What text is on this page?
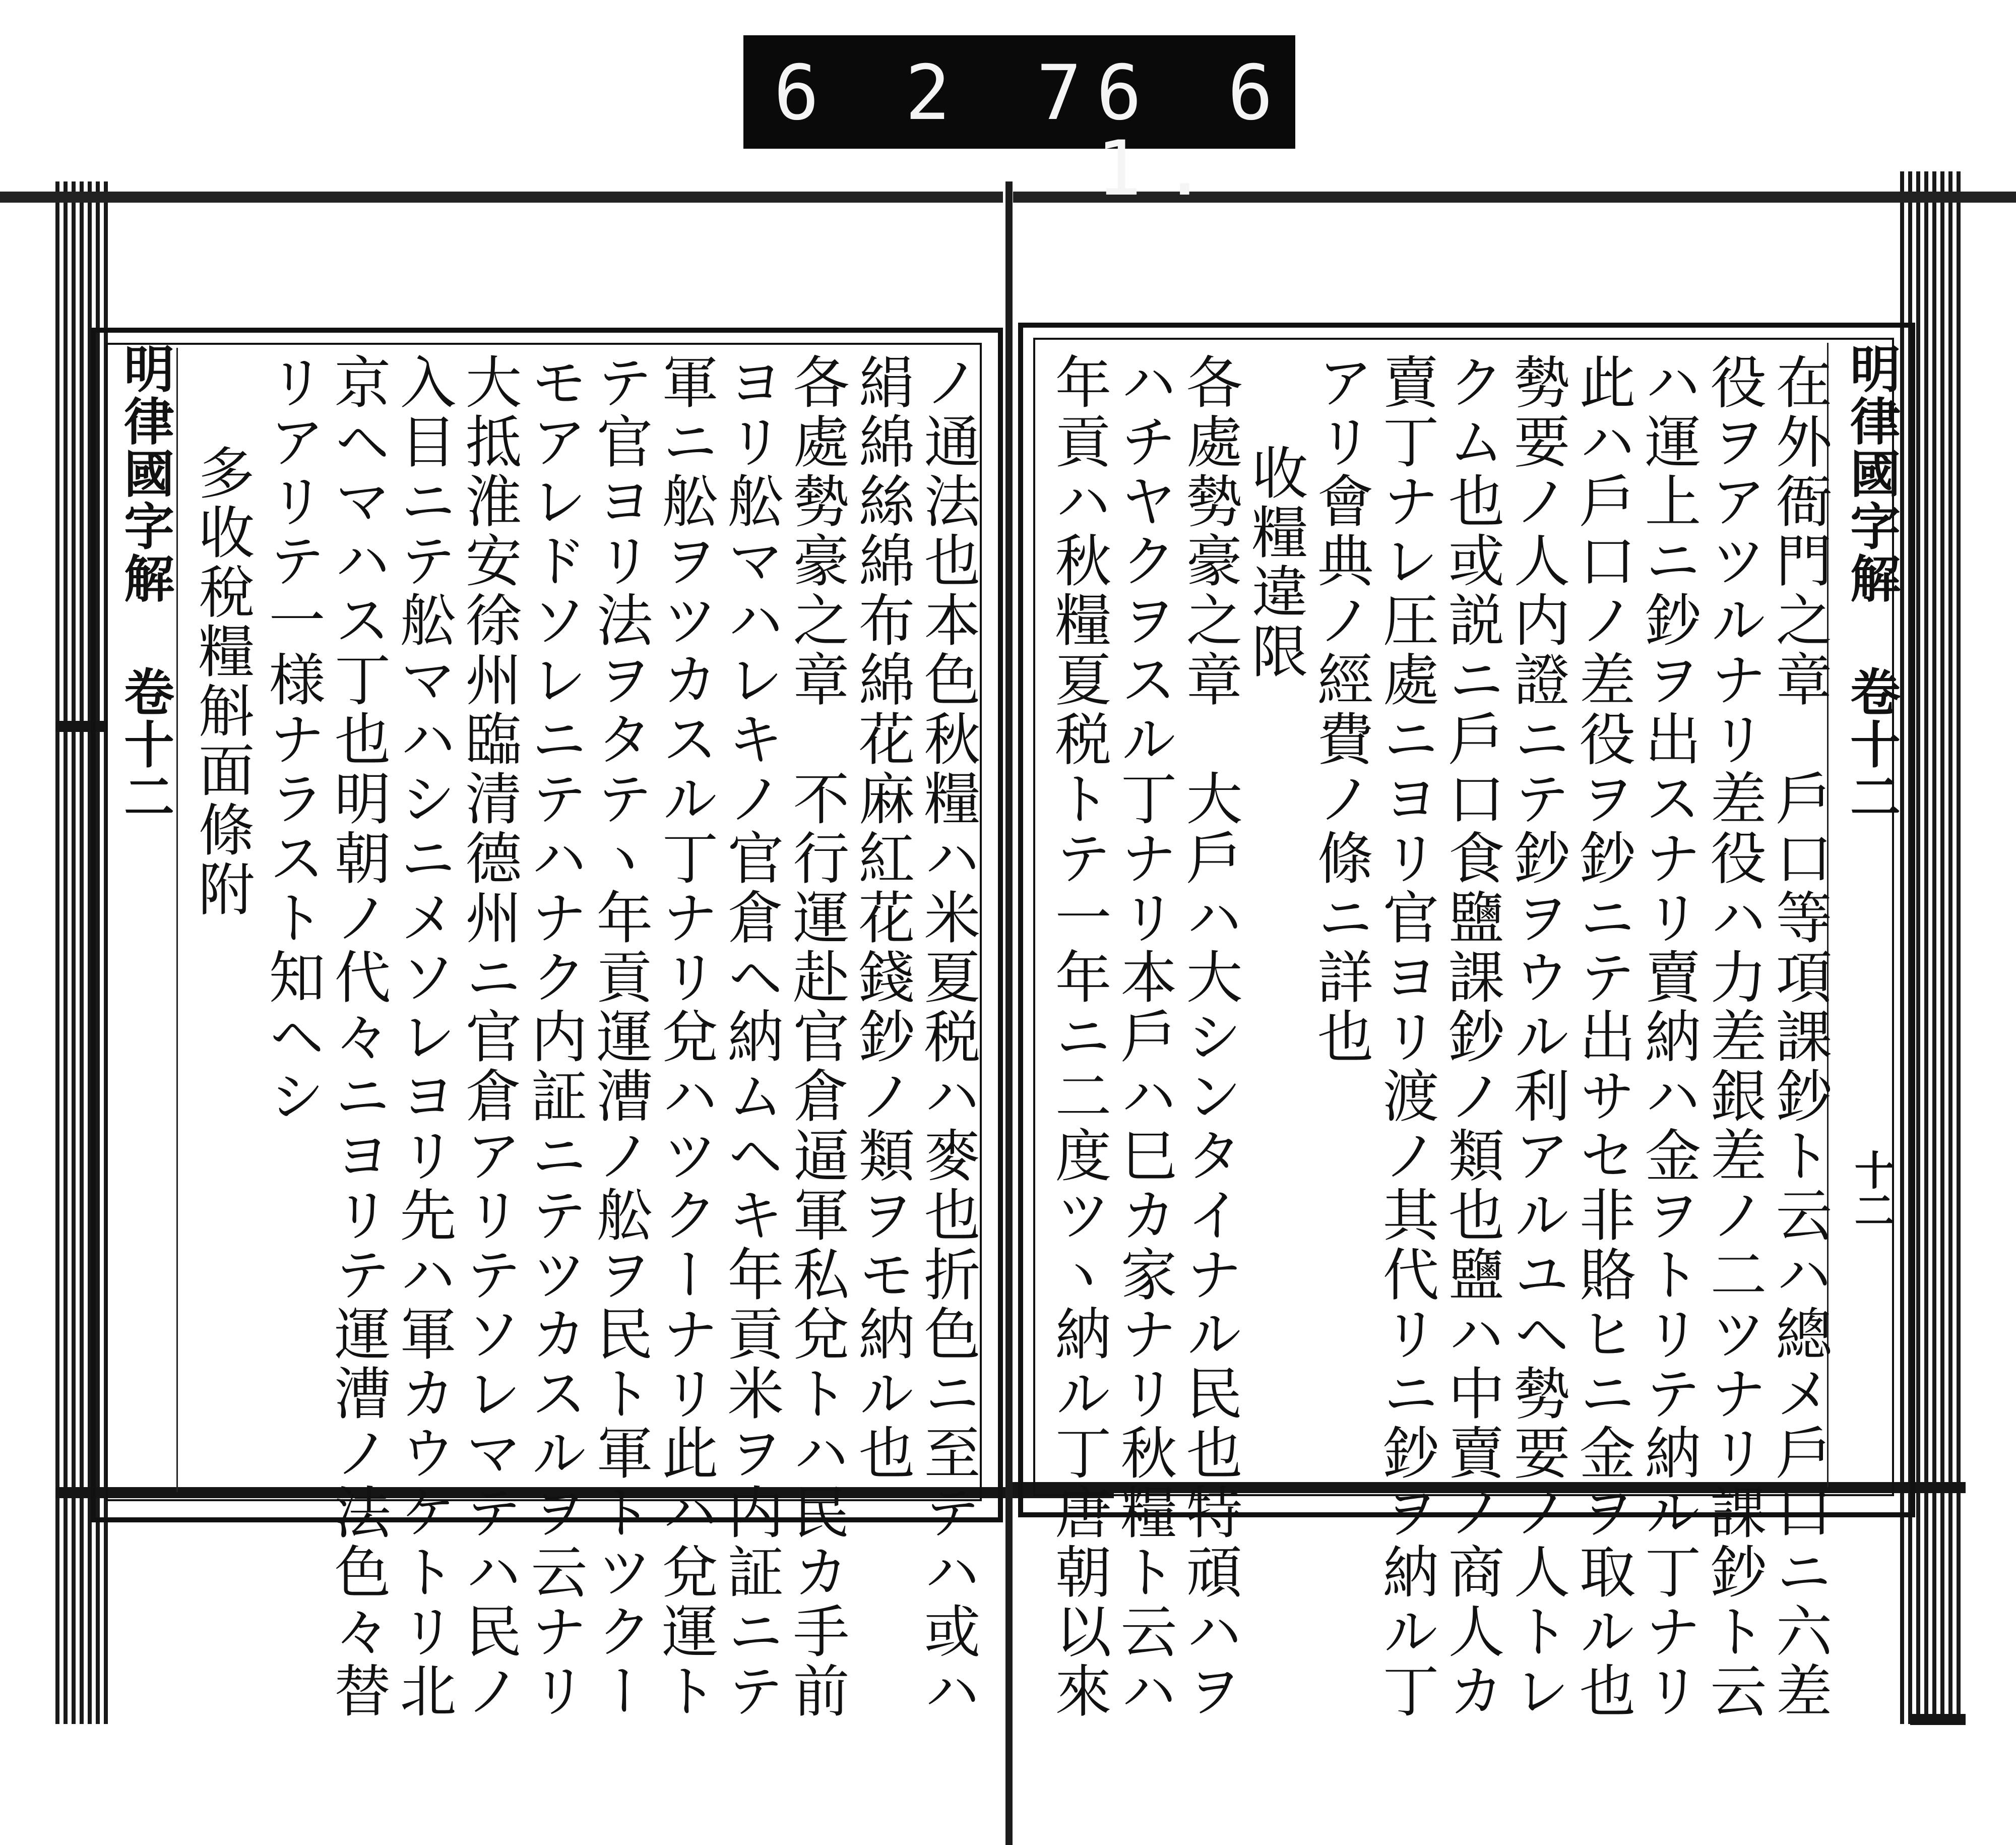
6 2 7
6 6 1.
明律國字解 卷十二	ノ通法也本色秋糧ハ米夏税ハ麥也折色ニ至テハ或ハ
絹綿絲綿布綿花麻紅花錢鈔ノ類ヲモ納ル也
各處勢豪之章　不行運赴官倉逼軍私兌トハ民カ手前
ヨリ舩マハレキノ官倉ヘ納ムヘキ年貢米ヲ内証ニテ
軍ニ舩ヲツカスル丁ナリ兌ハツクーナリ此ハ兌運ト
テ官ヨリ法ヲタテヽ年貢運漕ノ舩ヲ民ト軍トツクー
モアレドソレニテハナク内証ニテツカスルヲ云ナリ
大抵淮安徐州臨清德州ニ官倉アリテソレマテハ民ノ
入目ニテ舩マハシニメソレヨリ先ハ軍カウケトリ北
京ヘマハス丁也明朝ノ代々ニヨリテ運漕ノ法色々替
リアリテ一様ナラスト知ヘシ
多收稅糧斛面條附	明律國字解 卷十二
十二
在外衙門之章　戶口等項課鈔ト云ハ總メ戶口ニ六差
役ヲアツルナリ差役ハ力差銀差ノ二ツナリ課鈔ト云
ハ運上ニ鈔ヲ出スナリ賣納ハ金ヲトリテ納ル丁ナリ
此ハ戶口ノ差役ヲ鈔ニテ出サセ非賂ヒニ金ヲ取ル也
勢要ノ人内證ニテ鈔ヲウル利アルユヘ勢要ノ人トレ
クム也或説ニ戶口食鹽課鈔ノ類也鹽ハ中賣ノ商人カ
賣丁ナレ圧處ニヨリ官ヨリ渡ノ其代リニ鈔ヲ納ル丁
アリ會典ノ經費ノ條ニ詳也
收糧違限
各處勢豪之章　大戶ハ大シンタイナル民也特頑ハヲ
ハチヤクヲスル丁ナリ本戶ハ巳カ家ナリ秋糧ト云ハ
年貢ハ秋糧夏税トテ一年ニ二度ツヽ納ル丁唐朝以來
